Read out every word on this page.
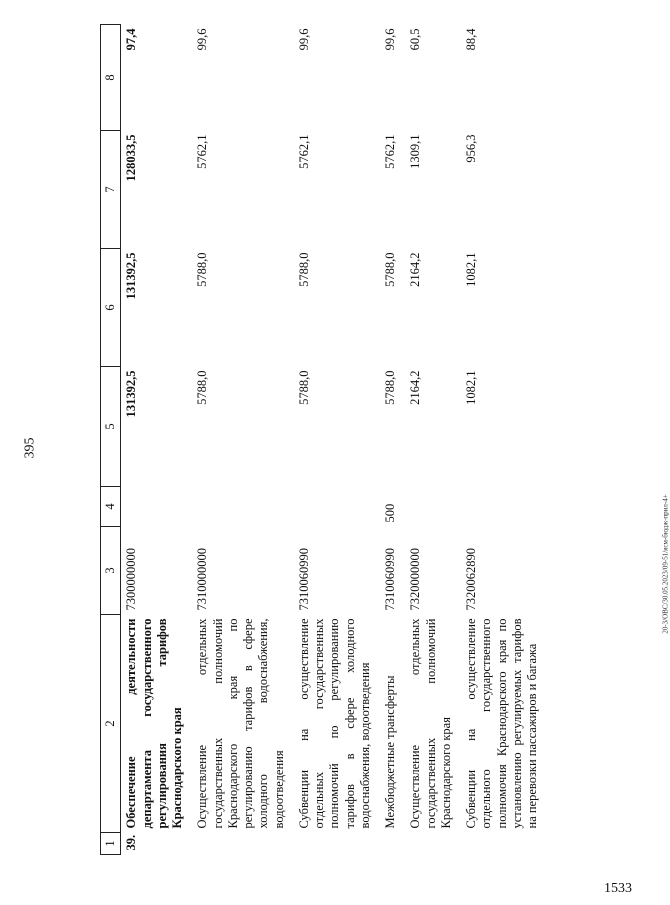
395
20-3/ОВС/30.05.2023/09-51/ясм-бюдж-прил-4+
1533
1	2	3	4	5	6	7	8
39.	Обеспечение деятельности департамента государственного регулирования тарифов Краснодарского края	7300000000		131392,5	131392,5	128033,5	97,4
	Осуществление отдельных государственных полномочий Краснодарского края по регулированию тарифов в сфере холодного водоснабжения, водоотведения	7310000000		5788,0	5788,0	5762,1	99,6
	Субвенции на осуществление отдельных государственных полномочий по регулированию тарифов в сфере холодного водоснабжения, водоотведения	7310060990		5788,0	5788,0	5762,1	99,6
	Межбюджетные трансферты	7310060990	500	5788,0	5788,0	5762,1	99,6
	Осуществление отдельных государственных полномочий Краснодарского края	7320000000		2164,2	2164,2	1309,1	60,5
	Субвенции на осуществление отдельного государственного полномочия Краснодарского края по установлению регулируемых тарифов на перевозки пассажиров и багажа	7320062890		1082,1	1082,1	956,3	88,4
